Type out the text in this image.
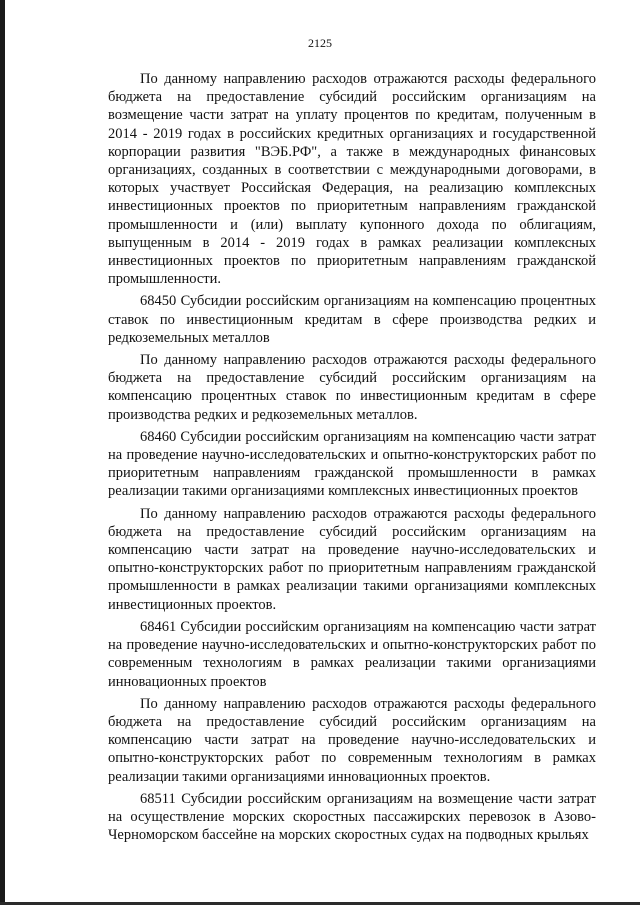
2125

По данному направлению расходов отражаются расходы федерального бюджета на предоставление субсидий российским организациям на возмещение части затрат на уплату процентов по кредитам, полученным в 2014 - 2019 годах в российских кредитных организациях и государственной корпорации развития "ВЭБ.РФ", а также в международных финансовых организациях, созданных в соответствии с международными договорами, в которых участвует Российская Федерация, на реализацию комплексных инвестиционных проектов по приоритетным направлениям гражданской промышленности и (или) выплату купонного дохода по облигациям, выпущенным в 2014 - 2019 годах в рамках реализации комплексных инвестиционных проектов по приоритетным направлениям гражданской промышленности.

68450 Субсидии российским организациям на компенсацию процентных ставок по инвестиционным кредитам в сфере производства редких и редкоземельных металлов

По данному направлению расходов отражаются расходы федерального бюджета на предоставление субсидий российским организациям на компенсацию процентных ставок по инвестиционным кредитам в сфере производства редких и редкоземельных металлов.

68460 Субсидии российским организациям на компенсацию части затрат на проведение научно-исследовательских и опытно-конструкторских работ по приоритетным направлениям гражданской промышленности в рамках реализации такими организациями комплексных инвестиционных проектов

По данному направлению расходов отражаются расходы федерального бюджета на предоставление субсидий российским организациям на компенсацию части затрат на проведение научно-исследовательских и опытно-конструкторских работ по приоритетным направлениям гражданской промышленности в рамках реализации такими организациями комплексных инвестиционных проектов.

68461 Субсидии российским организациям на компенсацию части затрат на проведение научно-исследовательских и опытно-конструкторских работ по современным технологиям в рамках реализации такими организациями инновационных проектов

По данному направлению расходов отражаются расходы федерального бюджета на предоставление субсидий российским организациям на компенсацию части затрат на проведение научно-исследовательских и опытно-конструкторских работ по современным технологиям в рамках реализации такими организациями инновационных проектов.

68511 Субсидии российским организациям на возмещение части затрат на осуществление морских скоростных пассажирских перевозок в Азово-Черноморском бассейне на морских скоростных судах на подводных крыльях
